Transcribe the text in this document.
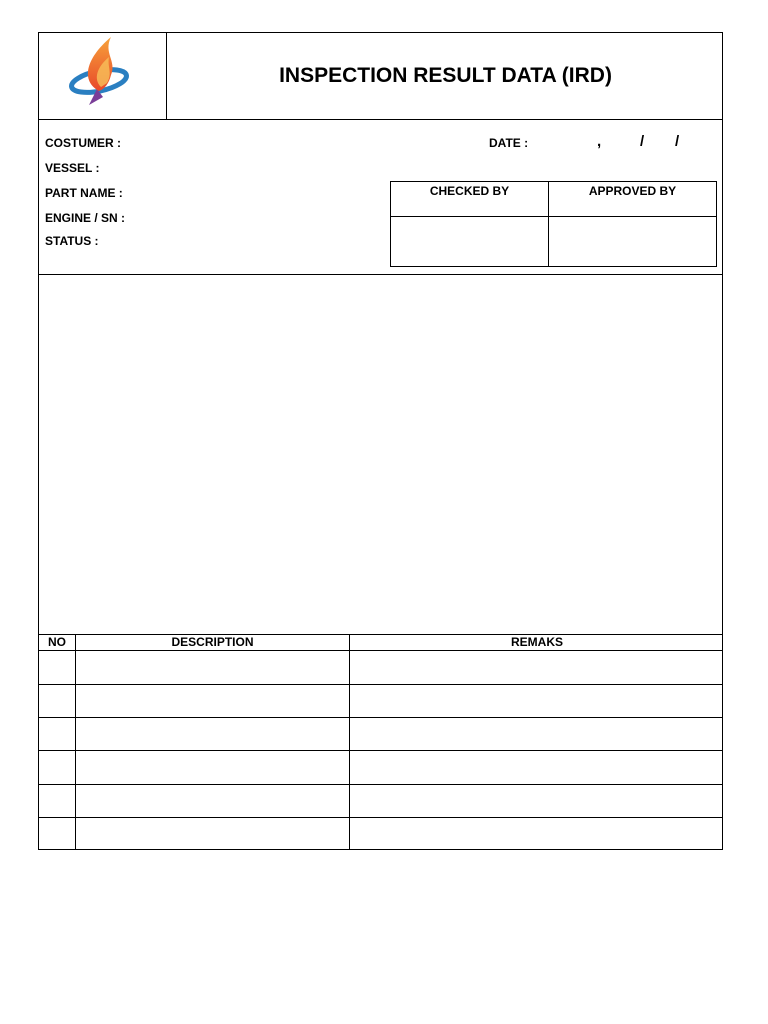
INSPECTION RESULT DATA (IRD)
COSTUMER :
VESSEL :
PART NAME :
ENGINE / SN :
STATUS :
DATE :	,	/ /
CHECKED BY	APPROVED BY
NO	DESCRIPTION	REMAKS
